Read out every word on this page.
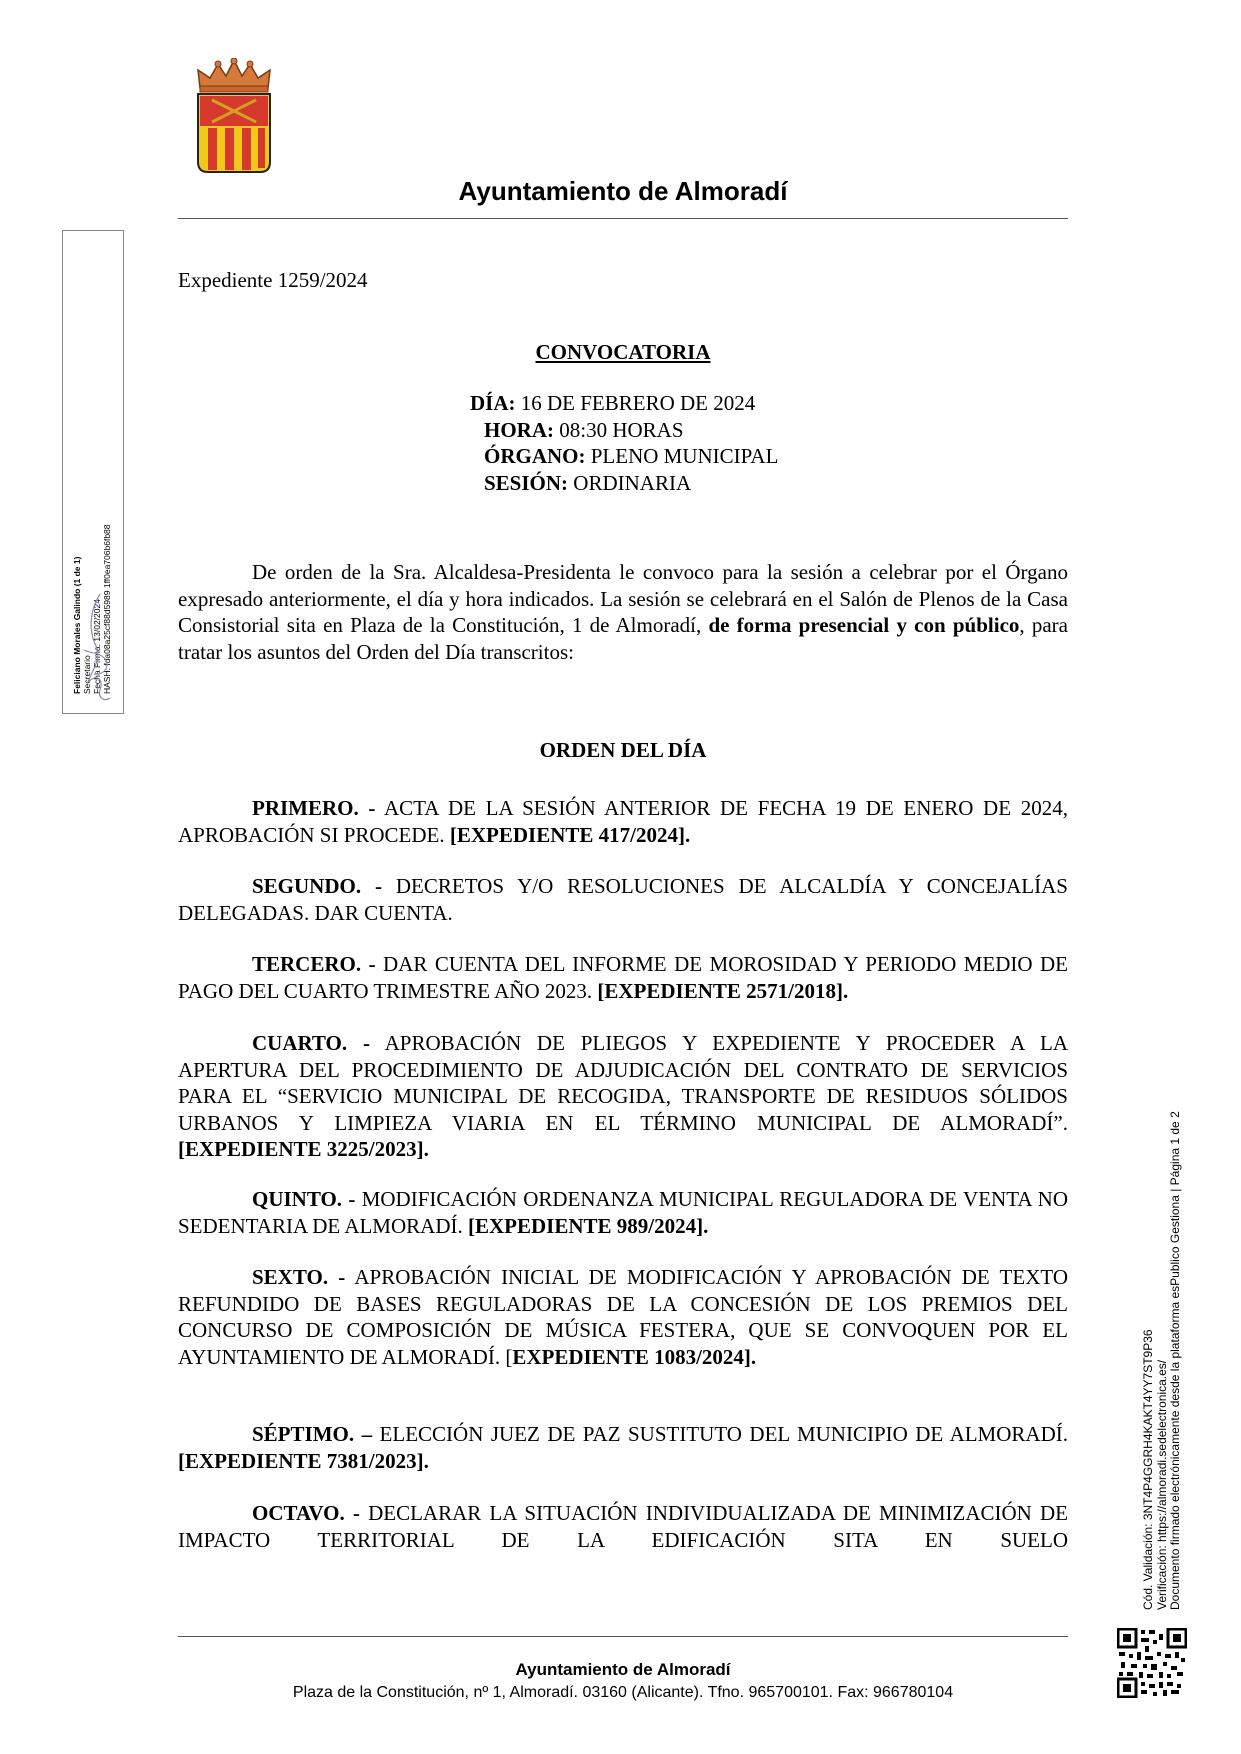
Ayuntamiento de Almoradí
Feliciano Morales Galindo (1 de 1) Secretario Fecha Firma: 13/02/2024 HASH: fda08a25cf88d5989 1ff0ea706b6fb88
Expediente 1259/2024
CONVOCATORIA
DÍA: 16 DE FEBRERO DE 2024
HORA: 08:30 HORAS
ÓRGANO: PLENO MUNICIPAL
SESIÓN: ORDINARIA
De orden de la Sra. Alcaldesa-Presidenta le convoco para la sesión a celebrar por el Órgano expresado anteriormente, el día y hora indicados. La sesión se celebrará en el Salón de Plenos de la Casa Consistorial sita en Plaza de la Constitución, 1 de Almoradí, de forma presencial y con público, para tratar los asuntos del Orden del Día transcritos:
ORDEN DEL DÍA
PRIMERO. - ACTA DE LA SESIÓN ANTERIOR DE FECHA 19 DE ENERO DE 2024, APROBACIÓN SI PROCEDE. [EXPEDIENTE 417/2024].
SEGUNDO. - DECRETOS Y/O RESOLUCIONES DE ALCALDÍA Y CONCEJALÍAS DELEGADAS. DAR CUENTA.
TERCERO. - DAR CUENTA DEL INFORME DE MOROSIDAD Y PERIODO MEDIO DE PAGO DEL CUARTO TRIMESTRE AÑO 2023. [EXPEDIENTE 2571/2018].
CUARTO. - APROBACIÓN DE PLIEGOS Y EXPEDIENTE Y PROCEDER A LA APERTURA DEL PROCEDIMIENTO DE ADJUDICACIÓN DEL CONTRATO DE SERVICIOS PARA EL “SERVICIO MUNICIPAL DE RECOGIDA, TRANSPORTE DE RESIDUOS SÓLIDOS URBANOS Y LIMPIEZA VIARIA EN EL TÉRMINO MUNICIPAL DE ALMORADÍ”. [EXPEDIENTE 3225/2023].
QUINTO. - MODIFICACIÓN ORDENANZA MUNICIPAL REGULADORA DE VENTA NO SEDENTARIA DE ALMORADÍ. [EXPEDIENTE 989/2024].
SEXTO. - APROBACIÓN INICIAL DE MODIFICACIÓN Y APROBACIÓN DE TEXTO REFUNDIDO DE BASES REGULADORAS DE LA CONCESIÓN DE LOS PREMIOS DEL CONCURSO DE COMPOSICIÓN DE MÚSICA FESTERA, QUE SE CONVOQUEN POR EL AYUNTAMIENTO DE ALMORADÍ. [EXPEDIENTE 1083/2024].
SÉPTIMO. – ELECCIÓN JUEZ DE PAZ SUSTITUTO DEL MUNICIPIO DE ALMORADÍ. [EXPEDIENTE 7381/2023].
OCTAVO. - DECLARAR LA SITUACIÓN INDIVIDUALIZADA DE MINIMIZACIÓN DE IMPACTO TERRITORIAL DE LA EDIFICACIÓN SITA EN SUELO	Cód. Validación: 3NT4P4GGRH4KAKT4YY7ST9P36 Verificación: https://almoradi.sedelectronica.es/ Documento firmado electrónicamente desde la plataforma esPublico Gestiona | Página 1 de 2
Ayuntamiento de Almoradí
Plaza de la Constitución, nº 1, Almoradí. 03160 (Alicante). Tfno. 965700101. Fax: 966780104
